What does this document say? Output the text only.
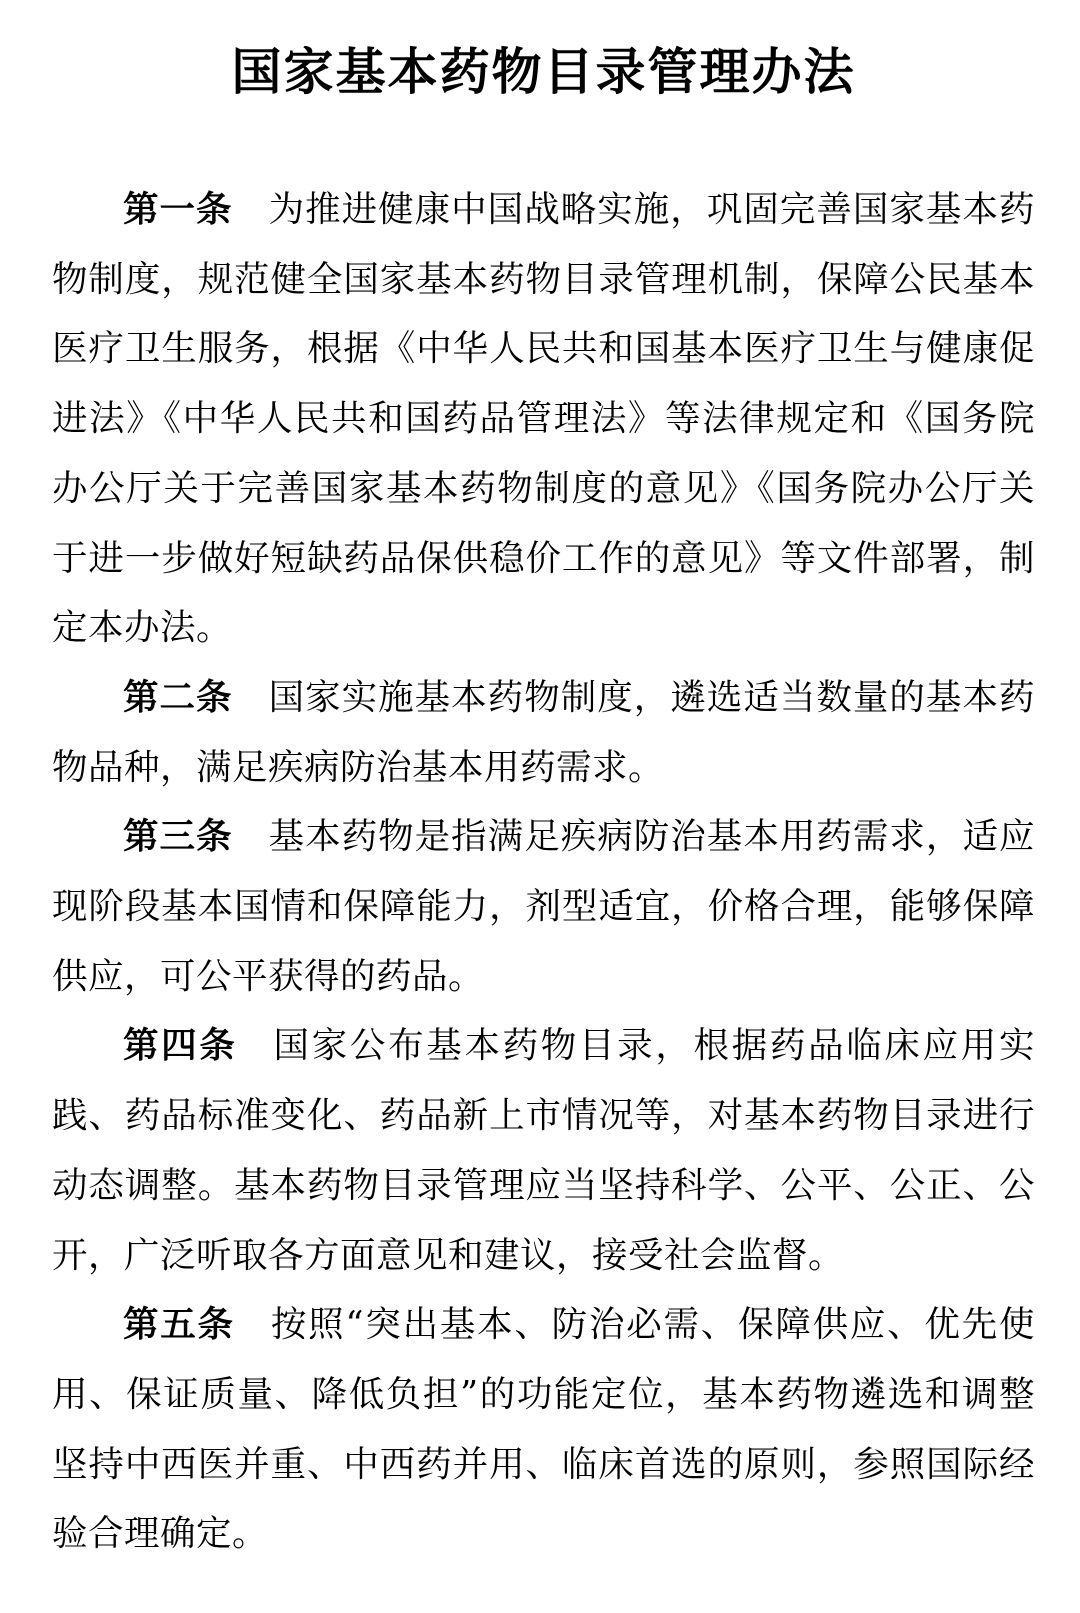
国家基本药物目录管理办法

第一条 为推进健康中国战略实施，巩固完善国家基本药物制度，规范健全国家基本药物目录管理机制，保障公民基本医疗卫生服务，根据《中华人民共和国基本医疗卫生与健康促进法》《中华人民共和国药品管理法》等法律规定和《国务院办公厅关于完善国家基本药物制度的意见》《国务院办公厅关于进一步做好短缺药品保供稳价工作的意见》等文件部署，制定本办法。

第二条 国家实施基本药物制度，遴选适当数量的基本药物品种，满足疾病防治基本用药需求。

第三条 基本药物是指满足疾病防治基本用药需求，适应现阶段基本国情和保障能力，剂型适宜，价格合理，能够保障供应，可公平获得的药品。

第四条 国家公布基本药物目录，根据药品临床应用实践、药品标准变化、药品新上市情况等，对基本药物目录进行动态调整。基本药物目录管理应当坚持科学、公平、公正、公开，广泛听取各方面意见和建议，接受社会监督。

第五条 按照“突出基本、防治必需、保障供应、优先使用、保证质量、降低负担”的功能定位，基本药物遴选和调整坚持中西医并重、中西药并用、临床首选的原则，参照国际经验合理确定。
